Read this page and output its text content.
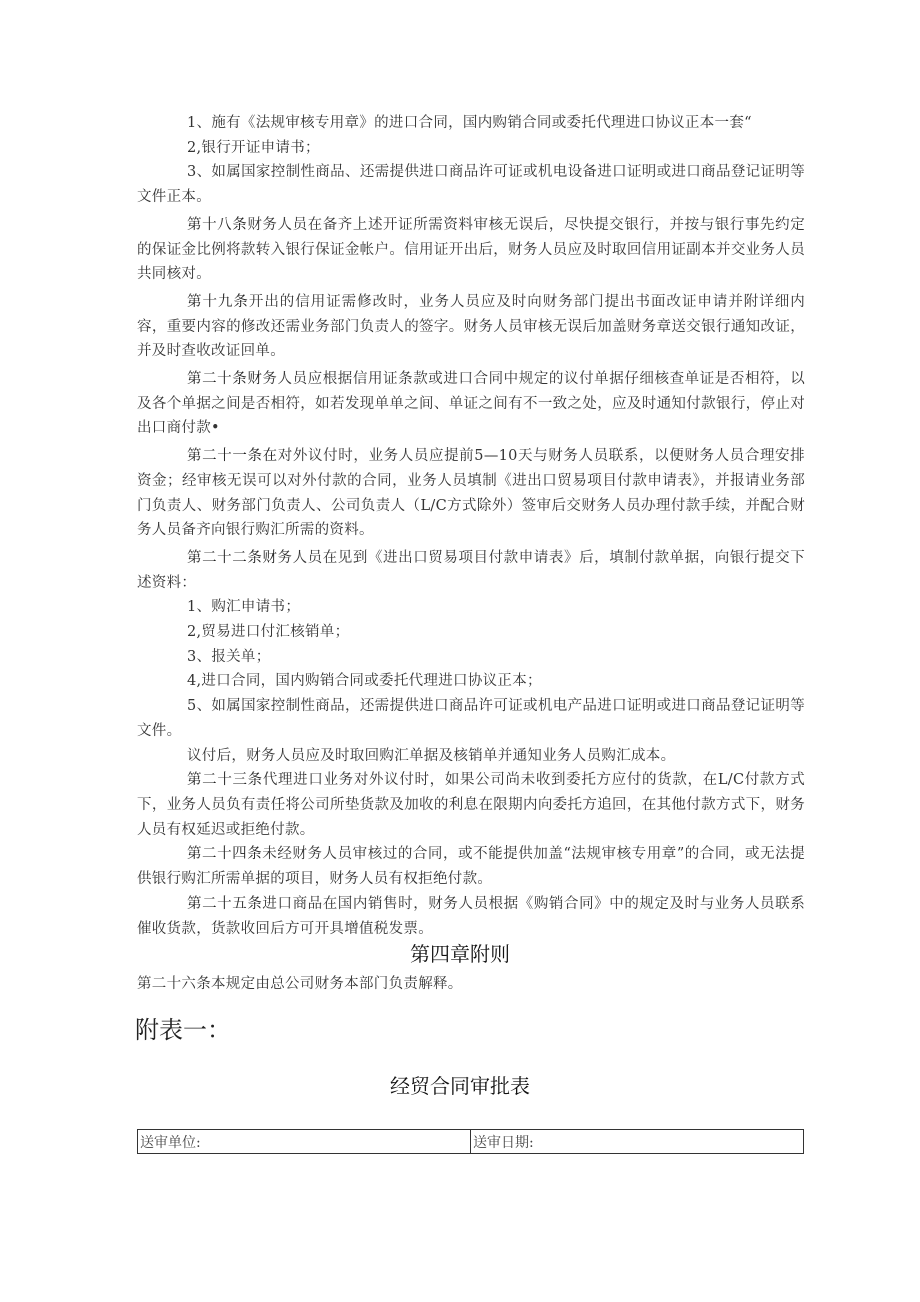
1、施有《法规审核专用章》的进口合同，国内购销合同或委托代理进口协议正本一套“

2,银行开证申请书；

3、如属国家控制性商品、还需提供进口商品许可证或机电设备进口证明或进口商品登记证明等文件正本。

第十八条财务人员在备齐上述开证所需资料审核无误后，尽快提交银行，并按与银行事先约定的保证金比例将款转入银行保证金帐户。信用证开出后，财务人员应及时取回信用证副本并交业务人员共同核对。

第十九条开出的信用证需修改时，业务人员应及时向财务部门提出书面改证申请并附详细内容，重要内容的修改还需业务部门负责人的签字。财务人员审核无误后加盖财务章送交银行通知改证，并及时查收改证回单。

第二十条财务人员应根据信用证条款或进口合同中规定的议付单据仔细核查单证是否相符，以及各个单据之间是否相符，如若发现单单之间、单证之间有不一致之处，应及时通知付款银行，停止对出口商付款•

第二十一条在对外议付时，业务人员应提前5—10天与财务人员联系，以便财务人员合理安排资金；经审核无误可以对外付款的合同，业务人员填制《进出口贸易项目付款申请表》，并报请业务部门负责人、财务部门负责人、公司负责人（L/C方式除外）签审后交财务人员办理付款手续，并配合财务人员备齐向银行购汇所需的资料。

第二十二条财务人员在见到《进出口贸易项目付款申请表》后，填制付款单据，向银行提交下述资料：

1、购汇申请书；

2,贸易进口付汇核销单；

3、报关单；

4,进口合同，国内购销合同或委托代理进口协议正本；

5、如属国家控制性商品，还需提供进口商品许可证或机电产品进口证明或进口商品登记证明等文件。

议付后，财务人员应及时取回购汇单据及核销单并通知业务人员购汇成本。

第二十三条代理进口业务对外议付时，如果公司尚未收到委托方应付的货款，在L/C付款方式下，业务人员负有责任将公司所垫货款及加收的利息在限期内向委托方追回，在其他付款方式下，财务人员有权延迟或拒绝付款。

第二十四条未经财务人员审核过的合同，或不能提供加盖“法规审核专用章”的合同，或无法提供银行购汇所需单据的项目，财务人员有权拒绝付款。

第二十五条进口商品在国内销售时，财务人员根据《购销合同》中的规定及时与业务人员联系催收货款，货款收回后方可开具增值税发票。

第四章附则
第二十六条本规定由总公司财务本部门负责解释。
附表一：
经贸合同审批表
送审单位:	送审日期:
